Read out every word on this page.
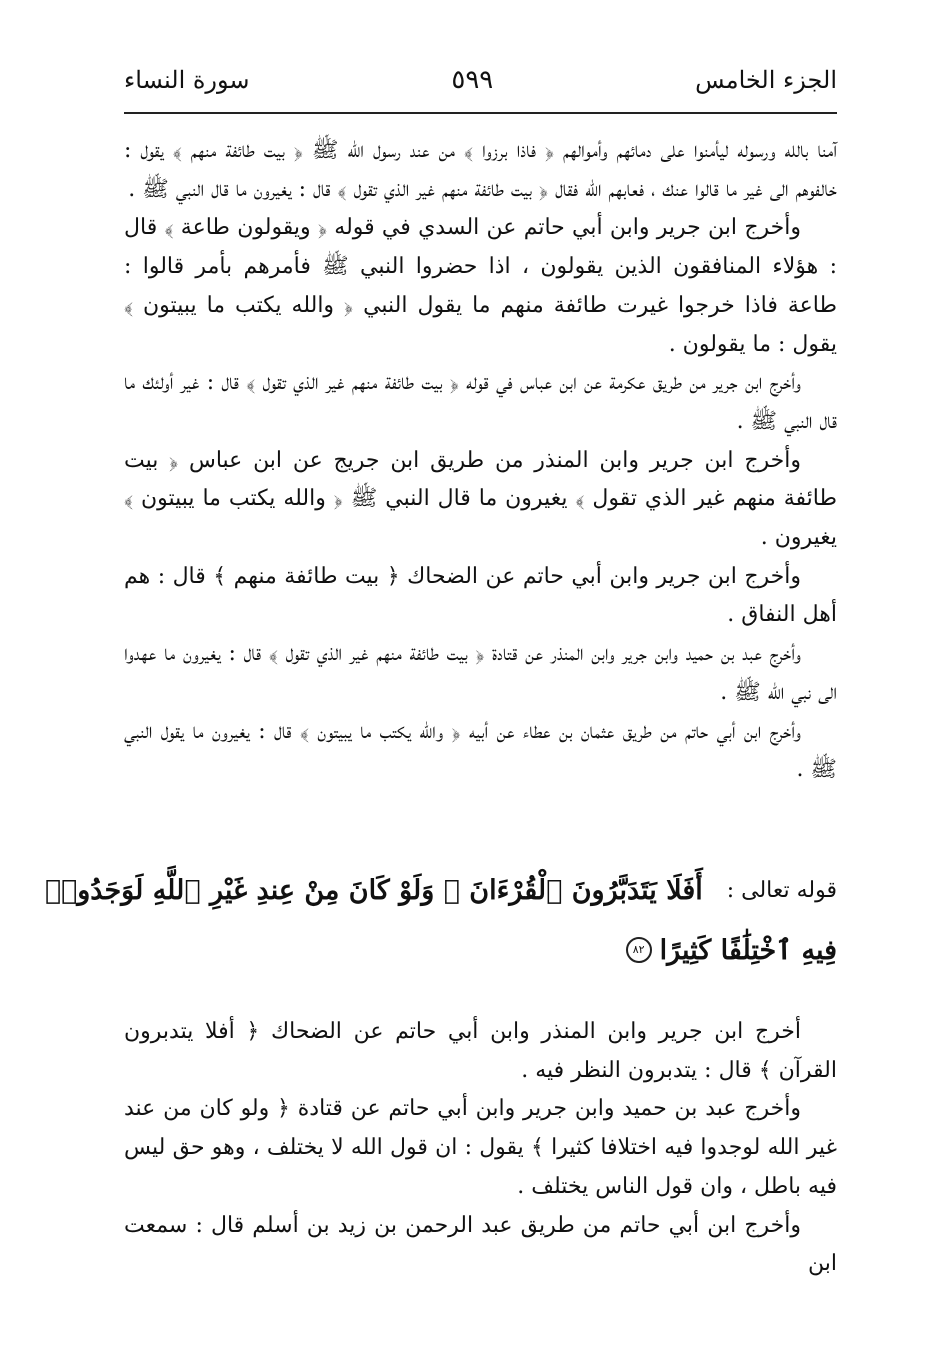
الجزء الخامس
٥٩٩
سورة النساء

آمنا بالله ورسوله ليأمنوا على دمائهم وأموالهم ﴿ فاذا برزوا ﴾ من عند رسول الله ﷺ ﴿ بيت طائفة منهم ﴾ يقول : خالفوهم الى غير ما قالوا عنك ، فعابهم الله فقال ﴿ بيت طائفة منهم غير الذي تقول ﴾ قال : يغيرون ما قال النبي ﷺ .

وأخرج ابن جرير وابن أبي حاتم عن السدي في قوله ﴿ ويقولون طاعة ﴾ قال : هؤلاء المنافقون الذين يقولون ، اذا حضروا النبي ﷺ فأمرهم بأمر قالوا : طاعة فاذا خرجوا غيرت طائفة منهم ما يقول النبي ﴿ والله يكتب ما يبيتون ﴾ يقول : ما يقولون .

وأخرج ابن جرير من طريق عكرمة عن ابن عباس في قوله ﴿ بيت طائفة منهم غير الذي تقول ﴾ قال : غير أولئك ما قال النبي ﷺ .

وأخرج ابن جرير وابن المنذر من طريق ابن جريج عن ابن عباس ﴿ بيت طائفة منهم غير الذي تقول ﴾ يغيرون ما قال النبي ﷺ ﴿ والله يكتب ما يبيتون ﴾ يغيرون .

وأخرج ابن جرير وابن أبي حاتم عن الضحاك ﴿ بيت طائفة منهم ﴾ قال : هم أهل النفاق .

وأخرج عبد بن حميد وابن جرير وابن المنذر عن قتادة ﴿ بيت طائفة منهم غير الذي تقول ﴾ قال : يغيرون ما عهدوا الى نبي الله ﷺ .

وأخرج ابن أبي حاتم من طريق عثمان بن عطاء عن أبيه ﴿ والله يكتب ما يبيتون ﴾ قال : يغيرون ما يقول النبي ﷺ .

قوله تعالى :
أَفَلَا يَتَدَبَّرُونَ ٱلْقُرْءَانَ ۚ وَلَوْ كَانَ مِنْ عِندِ غَيْرِ ٱللَّهِ لَوَجَدُوا۟
فِيهِ ٱخْتِلَٰفًا كَثِيرًا
٨٢

أخرج ابن جرير وابن المنذر وابن أبي حاتم عن الضحاك ﴿ أفلا يتدبرون القرآن ﴾ قال : يتدبرون النظر فيه .

وأخرج عبد بن حميد وابن جرير وابن أبي حاتم عن قتادة ﴿ ولو كان من عند غير الله لوجدوا فيه اختلافا كثيرا ﴾ يقول : ان قول الله لا يختلف ، وهو حق ليس فيه باطل ، وان قول الناس يختلف .

وأخرج ابن أبي حاتم من طريق عبد الرحمن بن زيد بن أسلم قال : سمعت ابن
